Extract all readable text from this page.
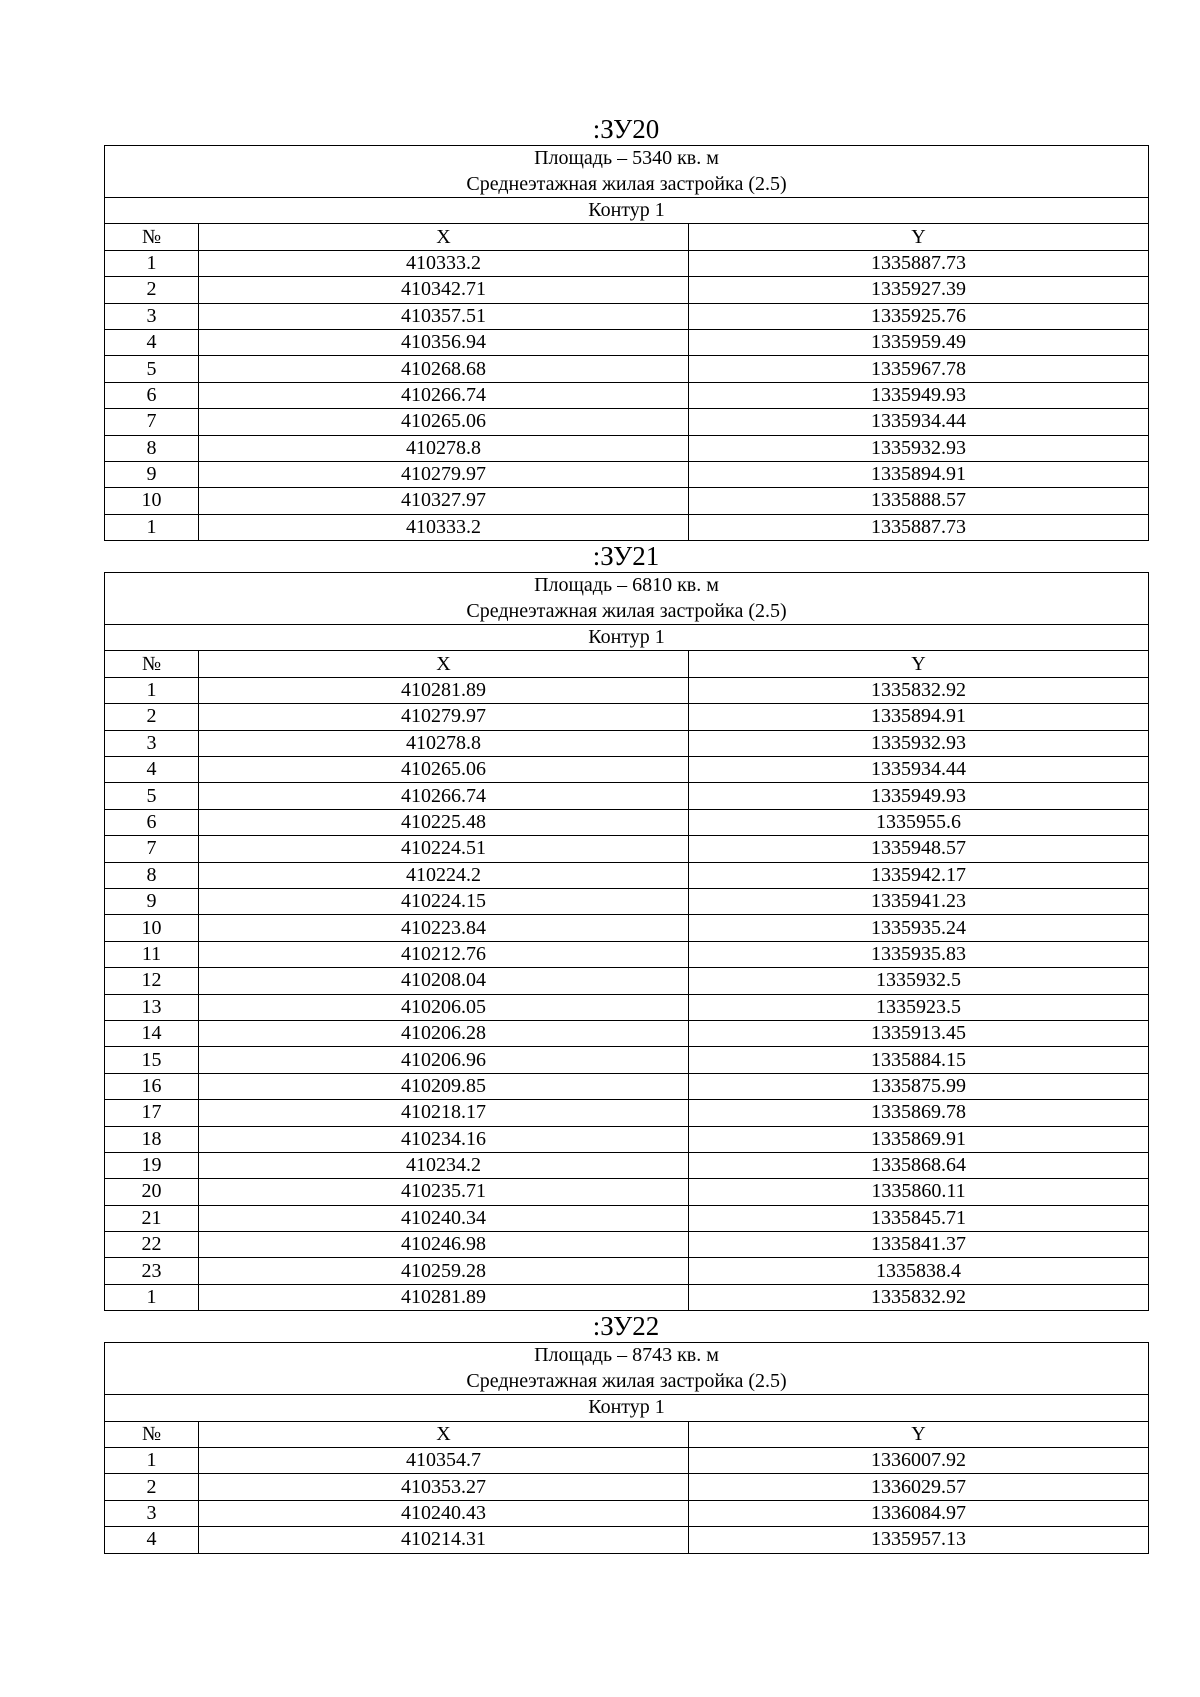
:ЗУ20
Площадь – 5340 кв. м
Среднеэтажная жилая застройка (2.5)		

Контур 1		
№	X	Y
1	410333.2	1335887.73
2	410342.71	1335927.39
3	410357.51	1335925.76
4	410356.94	1335959.49
5	410268.68	1335967.78
6	410266.74	1335949.93
7	410265.06	1335934.44
8	410278.8	1335932.93
9	410279.97	1335894.91
10	410327.97	1335888.57
1	410333.2	1335887.73
:ЗУ21
Площадь – 6810 кв. м
Среднеэтажная жилая застройка (2.5)		

Контур 1		
№	X	Y
1	410281.89	1335832.92
2	410279.97	1335894.91
3	410278.8	1335932.93
4	410265.06	1335934.44
5	410266.74	1335949.93
6	410225.48	1335955.6
7	410224.51	1335948.57
8	410224.2	1335942.17
9	410224.15	1335941.23
10	410223.84	1335935.24
11	410212.76	1335935.83
12	410208.04	1335932.5
13	410206.05	1335923.5
14	410206.28	1335913.45
15	410206.96	1335884.15
16	410209.85	1335875.99
17	410218.17	1335869.78
18	410234.16	1335869.91
19	410234.2	1335868.64
20	410235.71	1335860.11
21	410240.34	1335845.71
22	410246.98	1335841.37
23	410259.28	1335838.4
1	410281.89	1335832.92
:ЗУ22
Площадь – 8743 кв. м
Среднеэтажная жилая застройка (2.5)		

Контур 1		
№	X	Y
1	410354.7	1336007.92
2	410353.27	1336029.57
3	410240.43	1336084.97
4	410214.31	1335957.13
